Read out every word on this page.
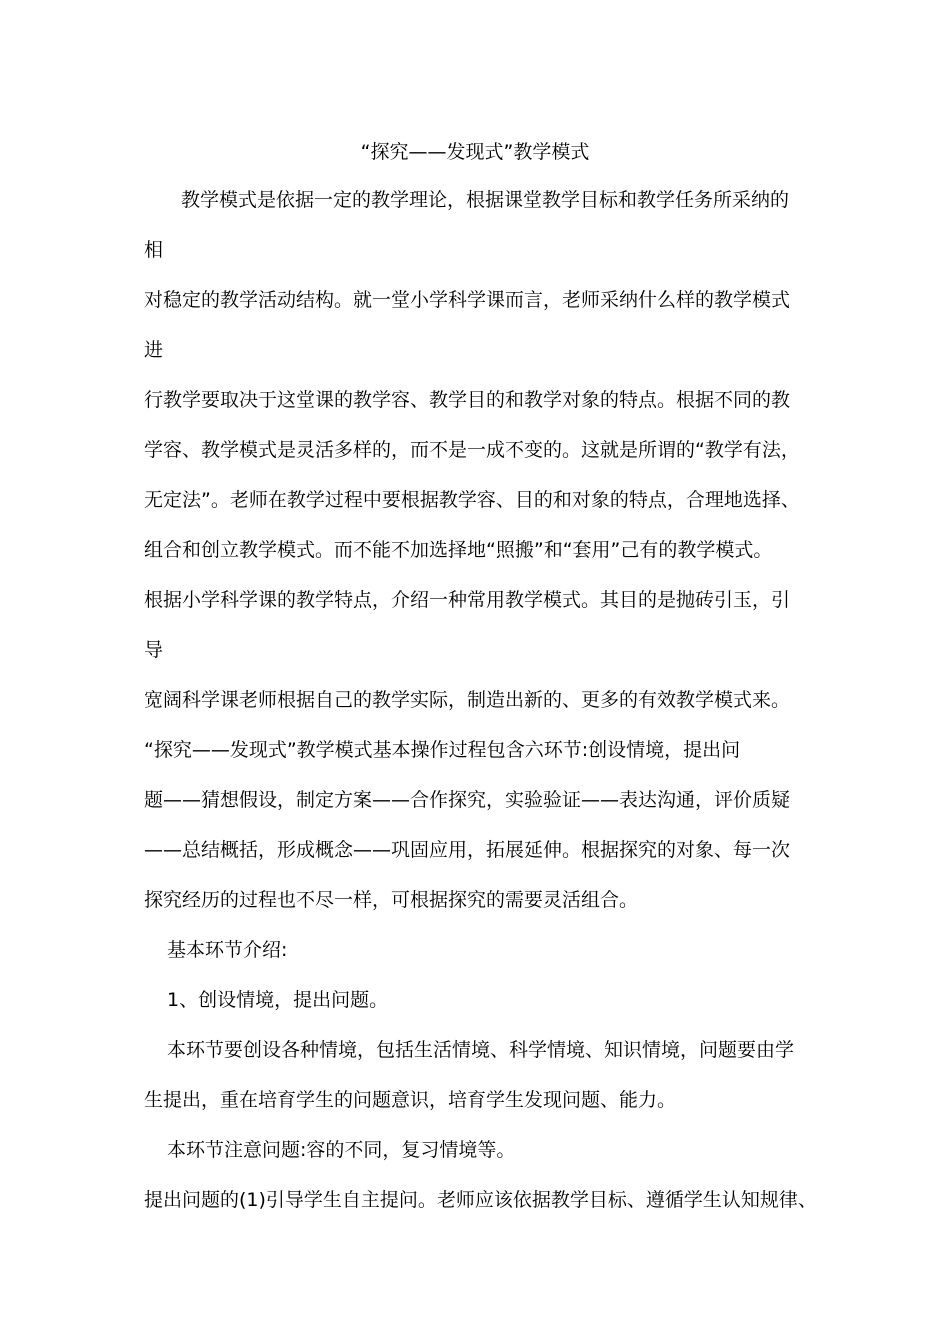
“探究——发现式”教学模式
教学模式是依据一定的教学理论，根据课堂教学目标和教学任务所采纳的
相
对稳定的教学活动结构。就一堂小学科学课而言，老师采纳什么样的教学模式
进
行教学要取决于这堂课的教学容、教学目的和教学对象的特点。根据不同的教
学容、教学模式是灵活多样的，而不是一成不变的。这就是所谓的“教学有法，
无定法”。老师在教学过程中要根据教学容、目的和对象的特点，合理地选择、
组合和创立教学模式。而不能不加选择地“照搬”和“套用”己有的教学模式。
根据小学科学课的教学特点，介绍一种常用教学模式。其目的是抛砖引玉，引
导
宽阔科学课老师根据自己的教学实际，制造出新的、更多的有效教学模式来。
“探究——发现式”教学模式基本操作过程包含六环节:创设情境，提出问
题——猜想假设，制定方案——合作探究，实验验证——表达沟通，评价质疑
——总结概括，形成概念——巩固应用，拓展延伸。根据探究的对象、每一次
探究经历的过程也不尽一样，可根据探究的需要灵活组合。
基本环节介绍:
1、创设情境，提出问题。
本环节要创设各种情境，包括生活情境、科学情境、知识情境，问题要由学
生提出，重在培育学生的问题意识，培育学生发现问题、能力。
本环节注意问题:容的不同，复习情境等。
提出问题的(1)引导学生自主提问。老师应该依据教学目标、遵循学生认知规律、
